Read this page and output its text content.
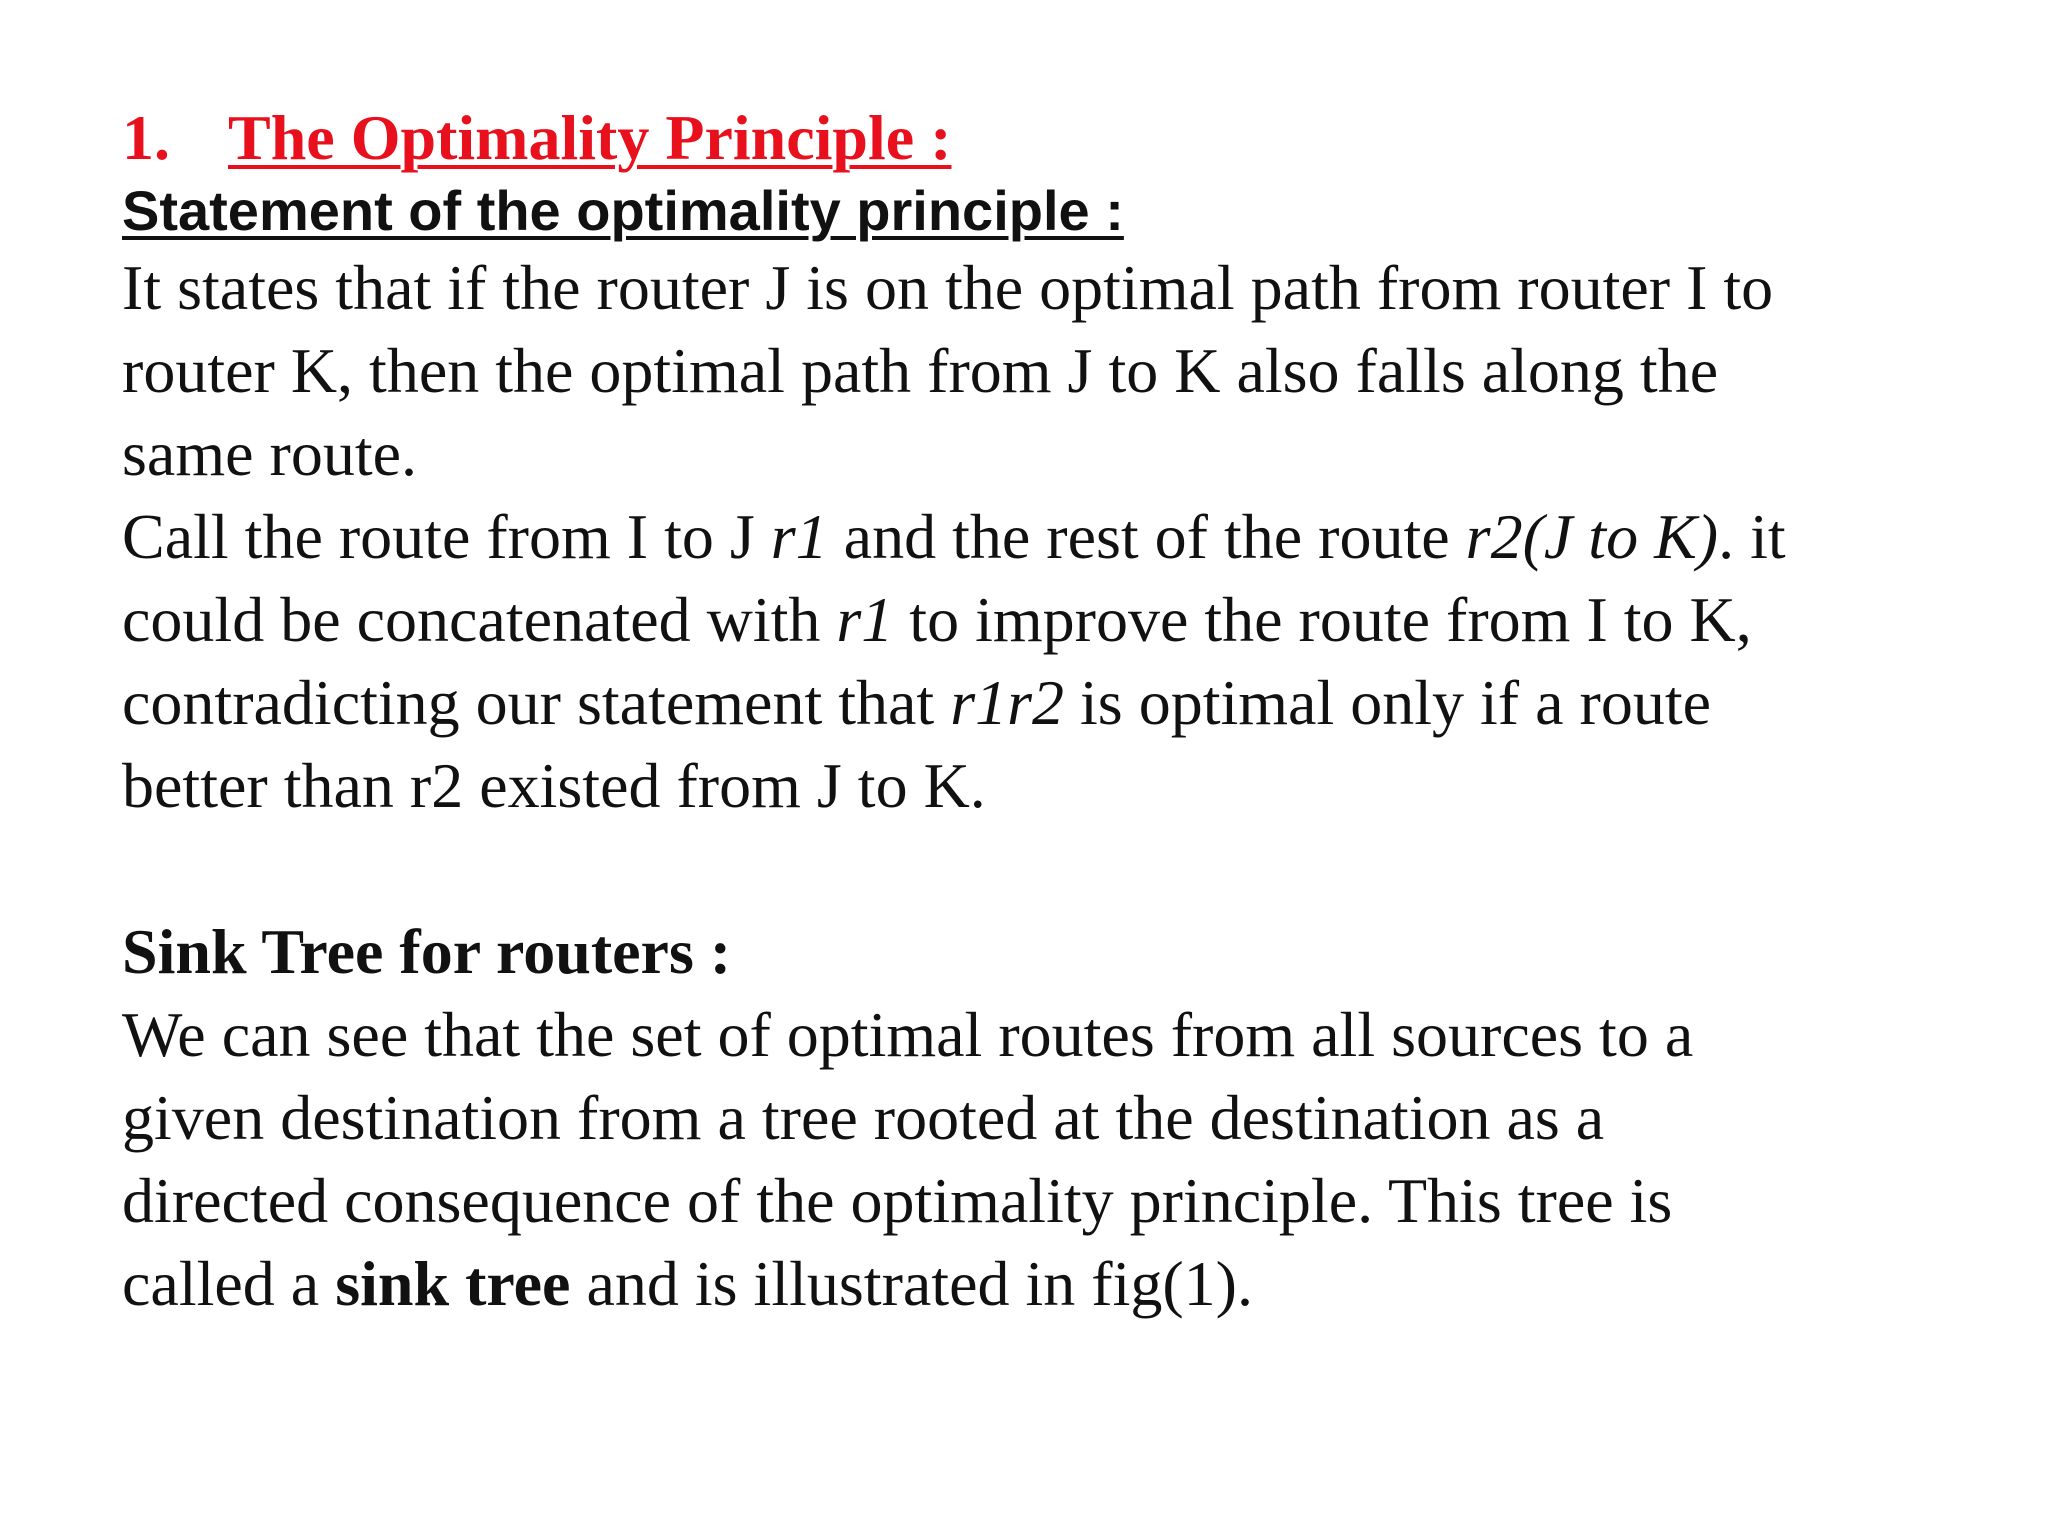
1. The Optimality Principle :

Statement of the optimality principle :

It states that if the router J is on the optimal path from router I to
router K, then the optimal path from J to K also falls along the
same route.
Call the route from I to J r1 and the rest of the route r2(J to K). it
could be concatenated with r1 to improve the route from I to K,
contradicting our statement that r1r2 is optimal only if a route
better than r2 existed from J to K.

Sink Tree for routers :

We can see that the set of optimal routes from all sources to a
given destination from a tree rooted at the destination as a
directed consequence of the optimality principle. This tree is
called a sink tree and is illustrated in fig(1).
